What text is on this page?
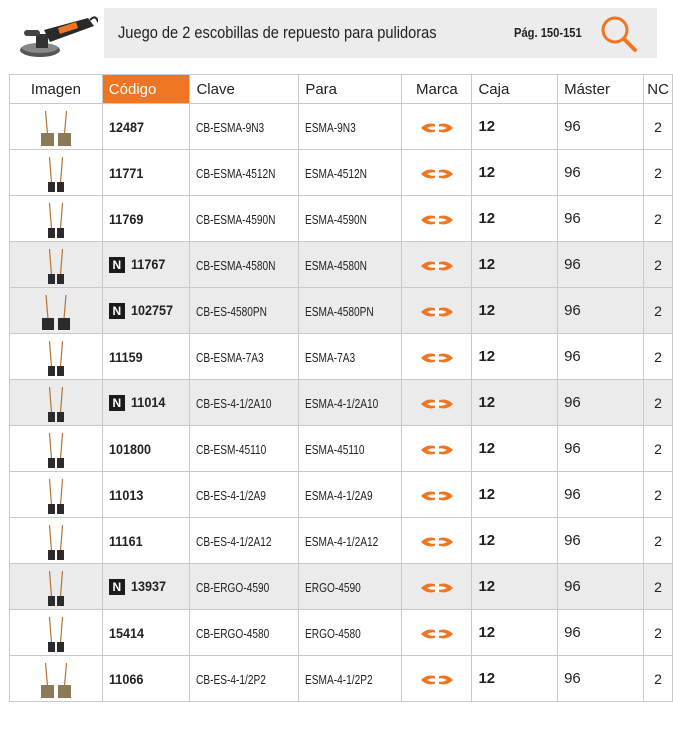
Juego de 2 escobillas de repuesto para pulidoras	Pág. 150-151
Imagen	Código	Clave	Para	Marca	Caja	Máster	NC
	12487	CB-ESMA-9N3	ESMA-9N3		12	96	2
	11771	CB-ESMA-4512N	ESMA-4512N		12	96	2
	11769	CB-ESMA-4590N	ESMA-4590N		12	96	2
	N 11767	CB-ESMA-4580N	ESMA-4580N		12	96	2
	N 102757	CB-ES-4580PN	ESMA-4580PN		12	96	2
	11159	CB-ESMA-7A3	ESMA-7A3		12	96	2
	N 11014	CB-ES-4-1/2A10	ESMA-4-1/2A10		12	96	2
	101800	CB-ESM-45110	ESMA-45110		12	96	2
	11013	CB-ES-4-1/2A9	ESMA-4-1/2A9		12	96	2
	11161	CB-ES-4-1/2A12	ESMA-4-1/2A12		12	96	2
	N 13937	CB-ERGO-4590	ERGO-4590		12	96	2
	15414	CB-ERGO-4580	ERGO-4580		12	96	2
	11066	CB-ES-4-1/2P2	ESMA-4-1/2P2		12	96	2
